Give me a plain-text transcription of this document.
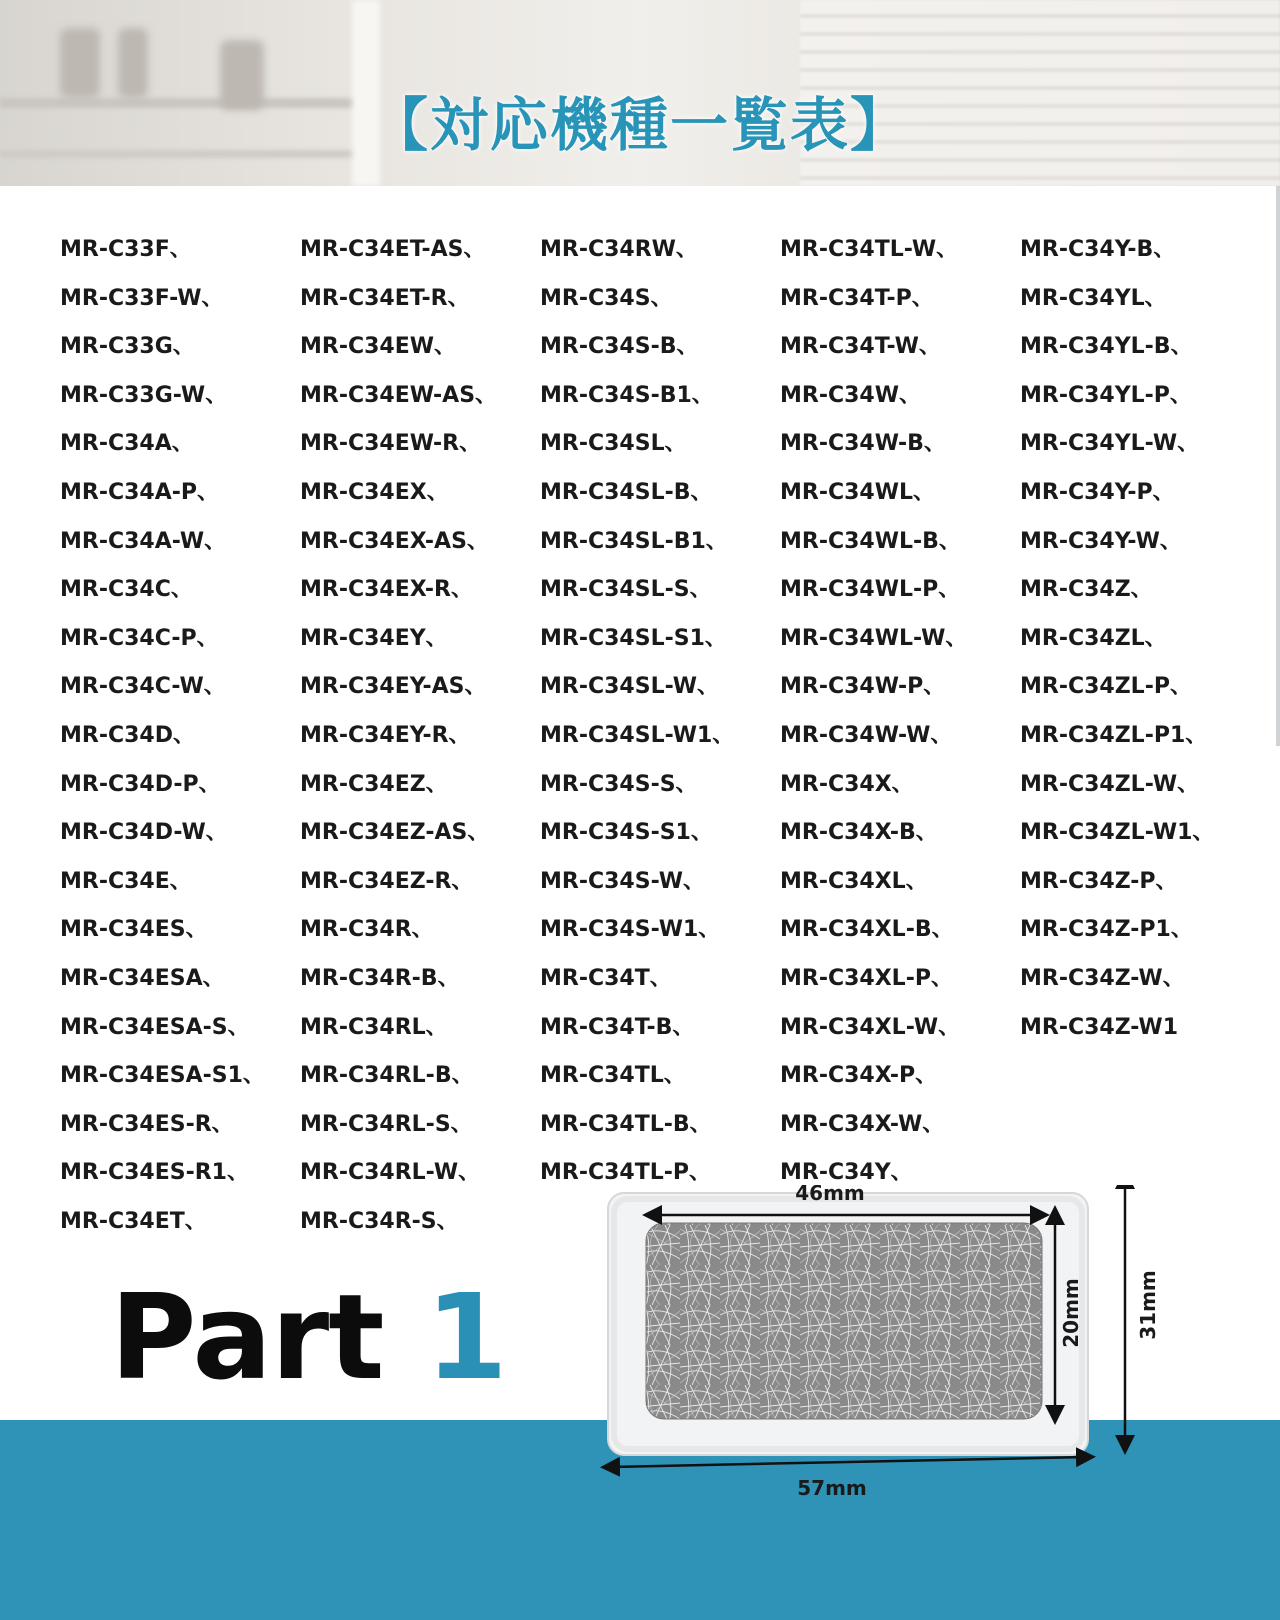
【対応機種一覧表】
MR-C33F、
MR-C33F-W、
MR-C33G、
MR-C33G-W、
MR-C34A、
MR-C34A-P、
MR-C34A-W、
MR-C34C、
MR-C34C-P、
MR-C34C-W、
MR-C34D、
MR-C34D-P、
MR-C34D-W、
MR-C34E、
MR-C34ES、
MR-C34ESA、
MR-C34ESA-S、
MR-C34ESA-S1、
MR-C34ES-R、
MR-C34ES-R1、
MR-C34ET、
MR-C34ET-AS、
MR-C34ET-R、
MR-C34EW、
MR-C34EW-AS、
MR-C34EW-R、
MR-C34EX、
MR-C34EX-AS、
MR-C34EX-R、
MR-C34EY、
MR-C34EY-AS、
MR-C34EY-R、
MR-C34EZ、
MR-C34EZ-AS、
MR-C34EZ-R、
MR-C34R、
MR-C34R-B、
MR-C34RL、
MR-C34RL-B、
MR-C34RL-S、
MR-C34RL-W、
MR-C34R-S、
MR-C34RW、
MR-C34S、
MR-C34S-B、
MR-C34S-B1、
MR-C34SL、
MR-C34SL-B、
MR-C34SL-B1、
MR-C34SL-S、
MR-C34SL-S1、
MR-C34SL-W、
MR-C34SL-W1、
MR-C34S-S、
MR-C34S-S1、
MR-C34S-W、
MR-C34S-W1、
MR-C34T、
MR-C34T-B、
MR-C34TL、
MR-C34TL-B、
MR-C34TL-P、
MR-C34TL-W、
MR-C34T-P、
MR-C34T-W、
MR-C34W、
MR-C34W-B、
MR-C34WL、
MR-C34WL-B、
MR-C34WL-P、
MR-C34WL-W、
MR-C34W-P、
MR-C34W-W、
MR-C34X、
MR-C34X-B、
MR-C34XL、
MR-C34XL-B、
MR-C34XL-P、
MR-C34XL-W、
MR-C34X-P、
MR-C34X-W、
MR-C34Y、
MR-C34Y-B、
MR-C34YL、
MR-C34YL-B、
MR-C34YL-P、
MR-C34YL-W、
MR-C34Y-P、
MR-C34Y-W、
MR-C34Z、
MR-C34ZL、
MR-C34ZL-P、
MR-C34ZL-P1、
MR-C34ZL-W、
MR-C34ZL-W1、
MR-C34Z-P、
MR-C34Z-P1、
MR-C34Z-W、
MR-C34Z-W1
Part 1
46mm
20mm	31mm
57mm
